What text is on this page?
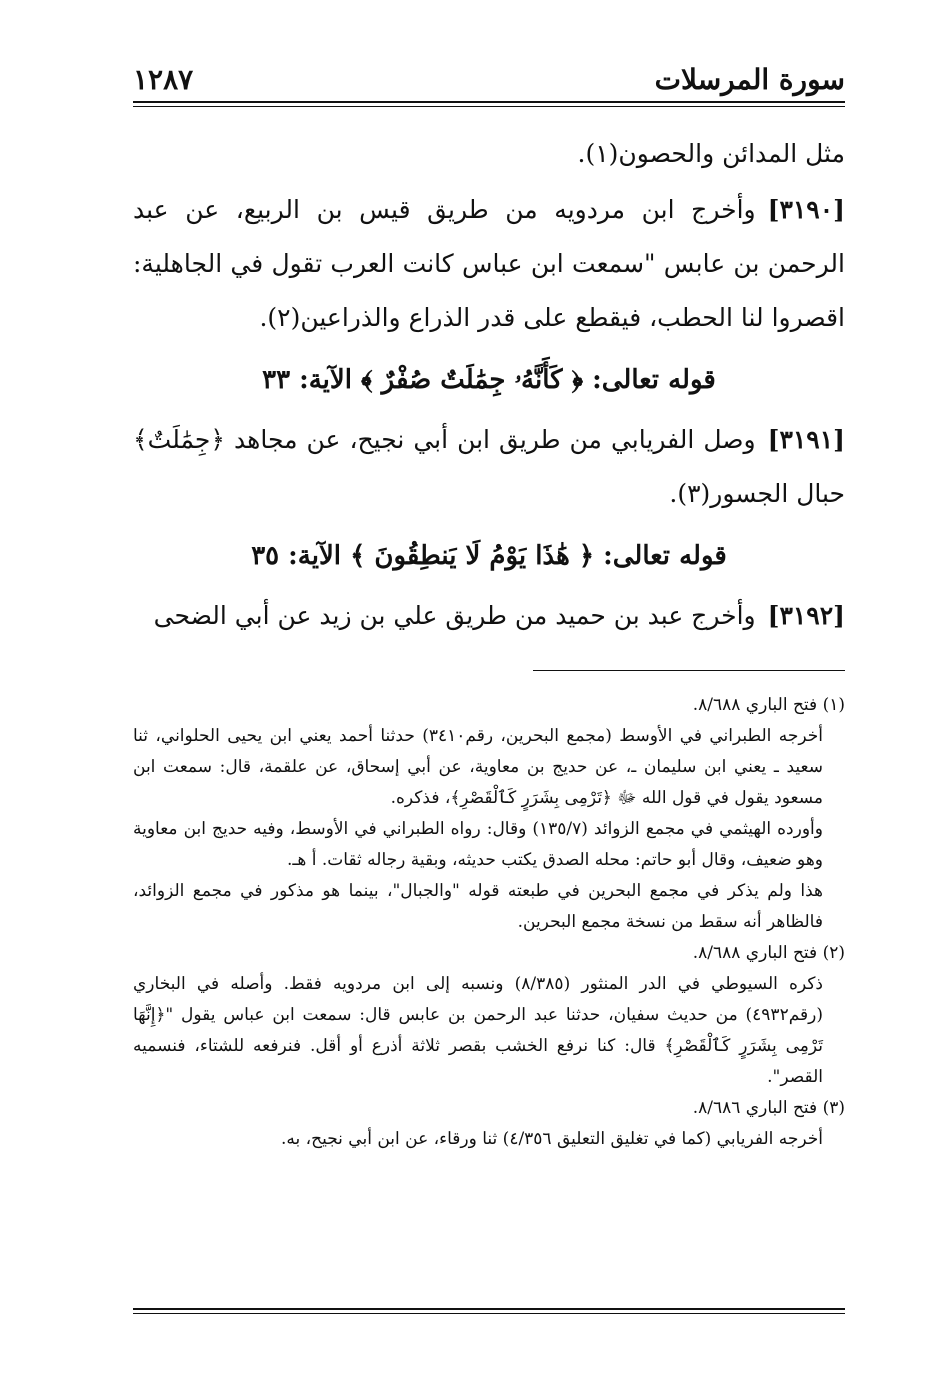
سورة المرسلات
١٢٨٧

مثل المدائن والحصون(١).

[٣١٩٠]وأخرج ابن مردويه من طريق قيس بن الربيع، عن عبد الرحمن بن عابس "سمعت ابن عباس كانت العرب تقول في الجاهلية: اقصروا لنا الحطب، فيقطع على قدر الذراع والذراعين(٢).

قوله تعالى: ﴿ كَأَنَّهُۥ جِمَٰلَتٌ صُفْرٌ ﴾ الآية: ٣٣

[٣١٩١]وصل الفريابي من طريق ابن أبي نجيح، عن مجاهد ﴿جِمَٰلَتٌ﴾ حبال الجسور(٣).

قوله تعالى: ﴿ هَٰذَا يَوْمُ لَا يَنطِقُونَ ﴾ الآية: ٣٥

[٣١٩٢]وأخرج عبد بن حميد من طريق علي بن زيد عن أبي الضحى

(١) فتح الباري ٨/٦٨٨.

أخرجه الطبراني في الأوسط (مجمع البحرين، رقم٣٤١٠) حدثنا أحمد يعني ابن يحيى الحلواني، ثنا سعيد ـ يعني ابن سليمان ـ، عن حديج بن معاوية، عن أبي إسحاق، عن علقمة، قال: سمعت ابن مسعود يقول في قول الله ﷻ ﴿تَرْمِى بِشَرَرٍ كَٱلْقَصْرِ﴾، فذكره.

وأورده الهيثمي في مجمع الزوائد (١٣٥/٧) وقال: رواه الطبراني في الأوسط، وفيه حديج ابن معاوية وهو ضعيف، وقال أبو حاتم: محله الصدق يكتب حديثه، وبقية رجاله ثقات. أ هـ.

هذا ولم يذكر في مجمع البحرين في طبعته قوله "والجبال"، بينما هو مذكور في مجمع الزوائد، فالظاهر أنه سقط من نسخة مجمع البحرين.

(٢) فتح الباري ٨/٦٨٨.

ذكره السيوطي في الدر المنثور (٨/٣٨٥) ونسبه إلى ابن مردويه فقط. وأصله في البخاري (رقم٤٩٣٢) من حديث سفيان، حدثنا عبد الرحمن بن عابس قال: سمعت ابن عباس يقول "﴿إِنَّهَا تَرْمِى بِشَرَرٍ كَٱلْقَصْرِ﴾ قال: كنا نرفع الخشب بقصر ثلاثة أذرع أو أقل. فنرفعه للشتاء، فنسميه القصر".

(٣) فتح الباري ٨/٦٨٦.

أخرجه الفريابي (كما في تغليق التعليق ٤/٣٥٦) ثنا ورقاء، عن ابن أبي نجيح، به.
